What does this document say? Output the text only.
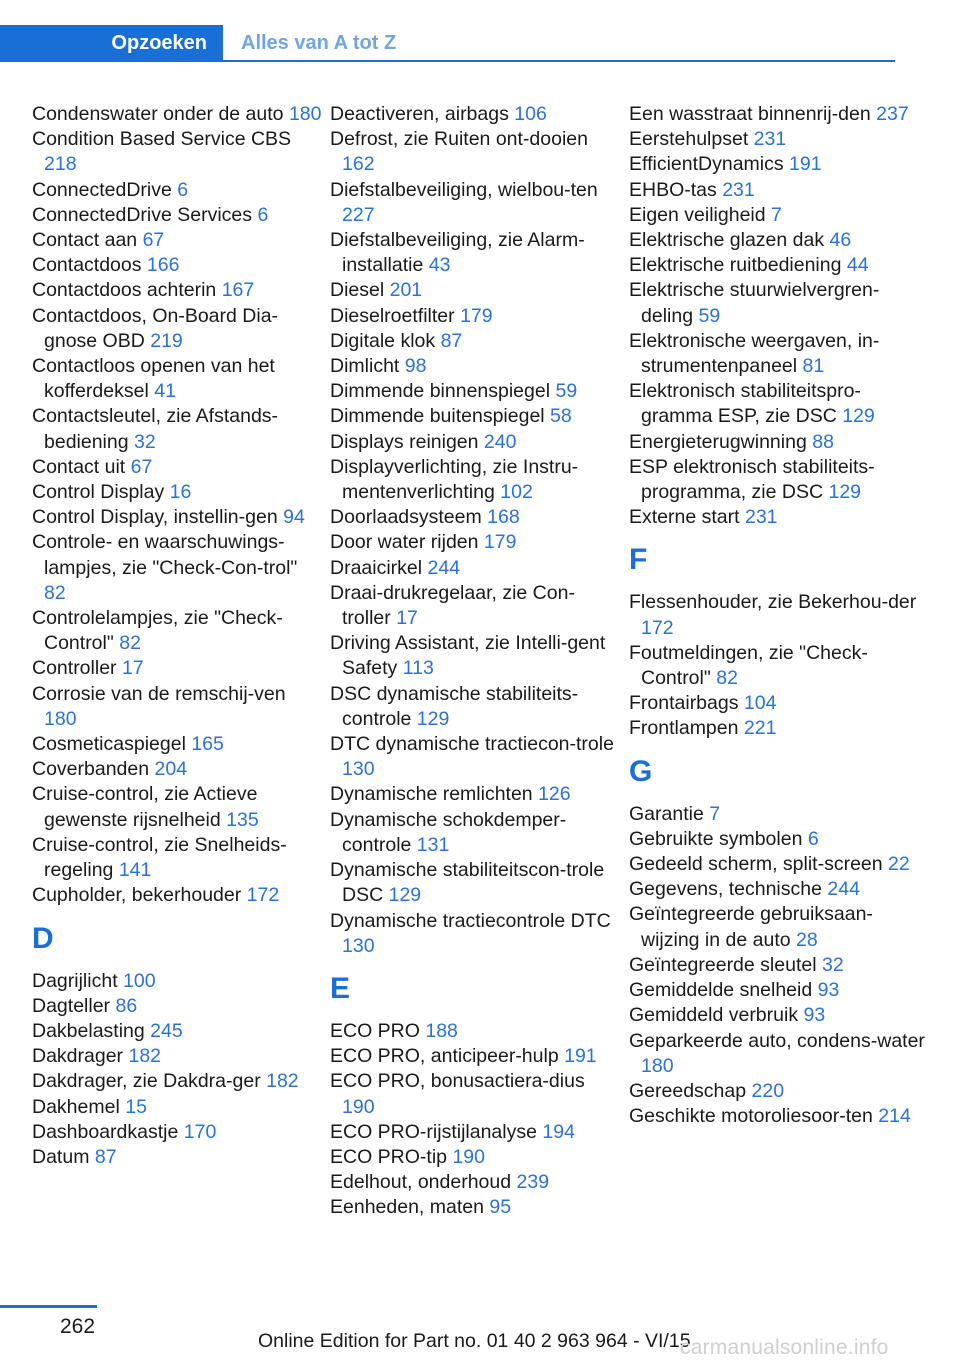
Opzoeken	Alles van A tot Z
Condenswater onder de auto 180
Condition Based Service CBS 218
ConnectedDrive 6
ConnectedDrive Services 6
Contact aan 67
Contactdoos 166
Contactdoos achterin 167
Contactdoos, On-Board Dia-gnose OBD 219
Contactloos openen van het kofferdeksel 41
Contactsleutel, zie Afstands-bediening 32
Contact uit 67
Control Display 16
Control Display, instellin-gen 94
Controle- en waarschuwings-lampjes, zie "Check-Con-trol" 82
Controlelampjes, zie "Check-Control" 82
Controller 17
Corrosie van de remschij-ven 180
Cosmeticaspiegel 165
Coverbanden 204
Cruise-control, zie Actieve gewenste rijsnelheid 135
Cruise-control, zie Snelheids-regeling 141
Cupholder, bekerhouder 172
D
Dagrijlicht 100
Dagteller 86
Dakbelasting 245
Dakdrager 182
Dakdrager, zie Dakdra-ger 182
Dakhemel 15
Dashboardkastje 170
Datum 87
Deactiveren, airbags 106
Defrost, zie Ruiten ont-dooien 162
Diefstalbeveiliging, wielbou-ten 227
Diefstalbeveiliging, zie Alarm-installatie 43
Diesel 201
Dieselroetfilter 179
Digitale klok 87
Dimlicht 98
Dimmende binnenspiegel 59
Dimmende buitenspiegel 58
Displays reinigen 240
Displayverlichting, zie Instru-mentenverlichting 102
Doorlaadsysteem 168
Door water rijden 179
Draaicirkel 244
Draai-drukregelaar, zie Con-troller 17
Driving Assistant, zie Intelli-gent Safety 113
DSC dynamische stabiliteits-controle 129
DTC dynamische tractiecon-trole 130
Dynamische remlichten 126
Dynamische schokdemper-controle 131
Dynamische stabiliteitscon-trole DSC 129
Dynamische tractiecontrole DTC 130
E
ECO PRO 188
ECO PRO, anticipeer-hulp 191
ECO PRO, bonusactiera-dius 190
ECO PRO-rijstijlanalyse 194
ECO PRO-tip 190
Edelhout, onderhoud 239
Eenheden, maten 95
Een wasstraat binnenrij-den 237
Eerstehulpset 231
EfficientDynamics 191
EHBO-tas 231
Eigen veiligheid 7
Elektrische glazen dak 46
Elektrische ruitbediening 44
Elektrische stuurwielvergren-deling 59
Elektronische weergaven, in-strumentenpaneel 81
Elektronisch stabiliteitspro-gramma ESP, zie DSC 129
Energieterugwinning 88
ESP elektronisch stabiliteits-programma, zie DSC 129
Externe start 231
F
Flessenhouder, zie Bekerhou-der 172
Foutmeldingen, zie "Check-Control" 82
Frontairbags 104
Frontlampen 221
G
Garantie 7
Gebruikte symbolen 6
Gedeeld scherm, split-screen 22
Gegevens, technische 244
Geïntegreerde gebruiksaan-wijzing in de auto 28
Geïntegreerde sleutel 32
Gemiddelde snelheid 93
Gemiddeld verbruik 93
Geparkeerde auto, condens-water 180
Gereedschap 220
Geschikte motoroliesoor-ten 214
262
Online Edition for Part no. 01 40 2 963 964 - VI/15
carmanualsonline.info
